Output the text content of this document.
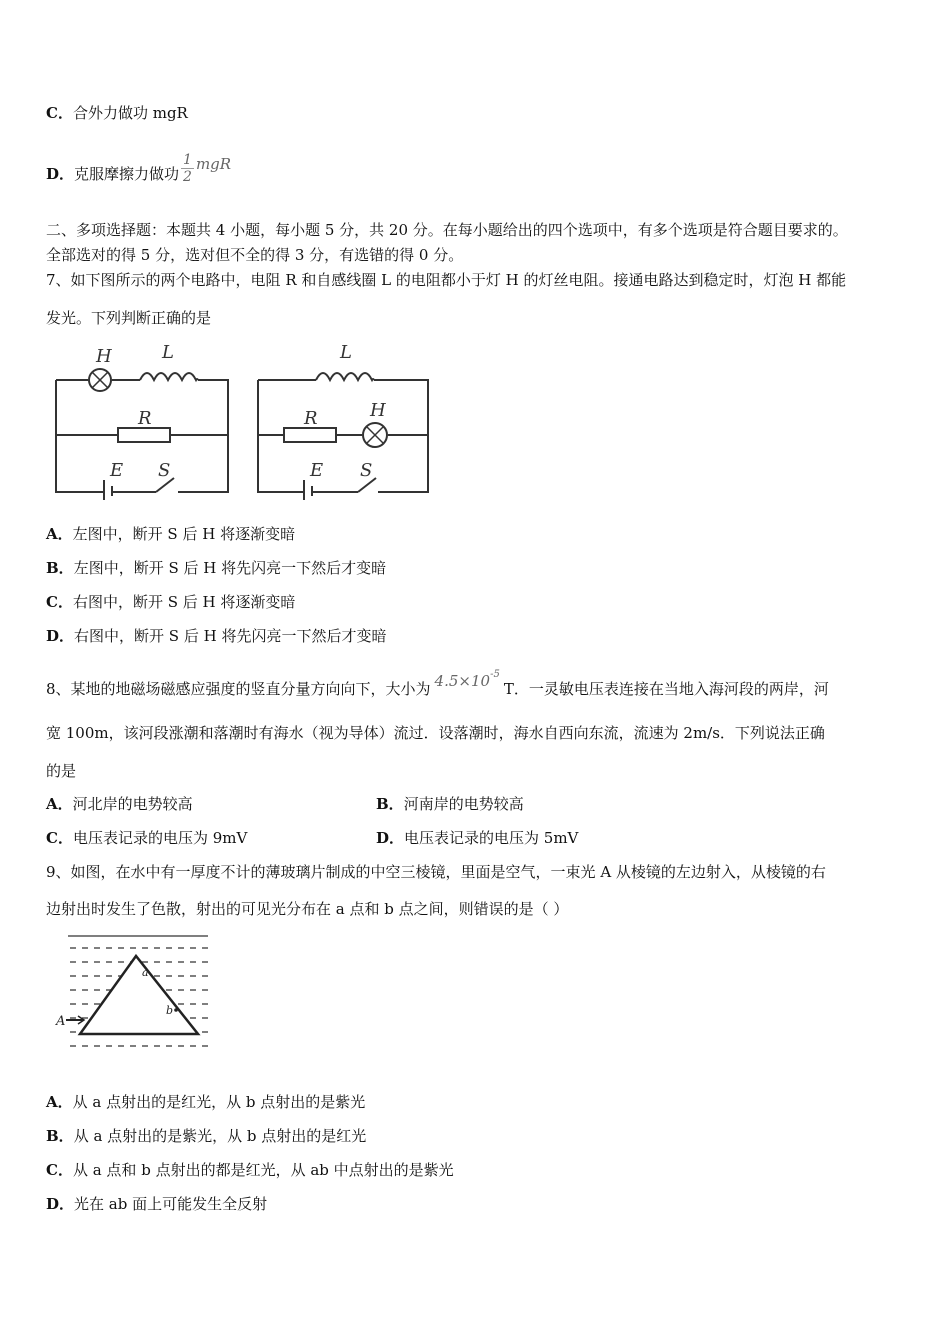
C．合外力做功 mgR
D．克服摩擦力做功 $\frac{1}{2}$ mgR
二、多项选择题：本题共 4 小题，每小题 5 分，共 20 分。在每小题给出的四个选项中，有多个选项是符合题目要求的。
全部选对的得 5 分，选对但不全的得 3 分，有选错的得 0 分。
7、如下图所示的两个电路中，电阻 R 和自感线圈 L 的电阻都小于灯 H 的灯丝电阻。接通电路达到稳定时，灯泡 H 都能
发光。下列判断正确的是
H	L
R
E S
L
R	H
E S
A．左图中，断开 S 后 H 将逐渐变暗
B．左图中，断开 S 后 H 将先闪亮一下然后才变暗
C．右图中，断开 S 后 H 将逐渐变暗
D．右图中，断开 S 后 H 将先闪亮一下然后才变暗
8、某地的地磁场磁感应强度的竖直分量方向向下，大小为 $4.5\times 10^{-5}T$．一灵敏电压表连接在当地入海河段的两岸，河
宽 100m，该河段涨潮和落潮时有海水（视为导体）流过．设落潮时，海水自西向东流，流速为 2m/s．下列说法正确
的是
A．河北岸的电势较高	B．河南岸的电势较高
C．电压表记录的电压为 9mV	D．电压表记录的电压为 5mV
9、如图，在水中有一厚度不计的薄玻璃片制成的中空三棱镜，里面是空气，一束光 A 从棱镜的左边射入，从棱镜的右
边射出时发生了色散，射出的可见光分布在 a 点和 b 点之间，则错误的是（ ）
A
a
b
A．从 a 点射出的是红光，从 b 点射出的是紫光
B．从 a 点射出的是紫光，从 b 点射出的是红光
C．从 a 点和 b 点射出的都是红光，从 ab 中点射出的是紫光
D．光在 ab 面上可能发生全反射
